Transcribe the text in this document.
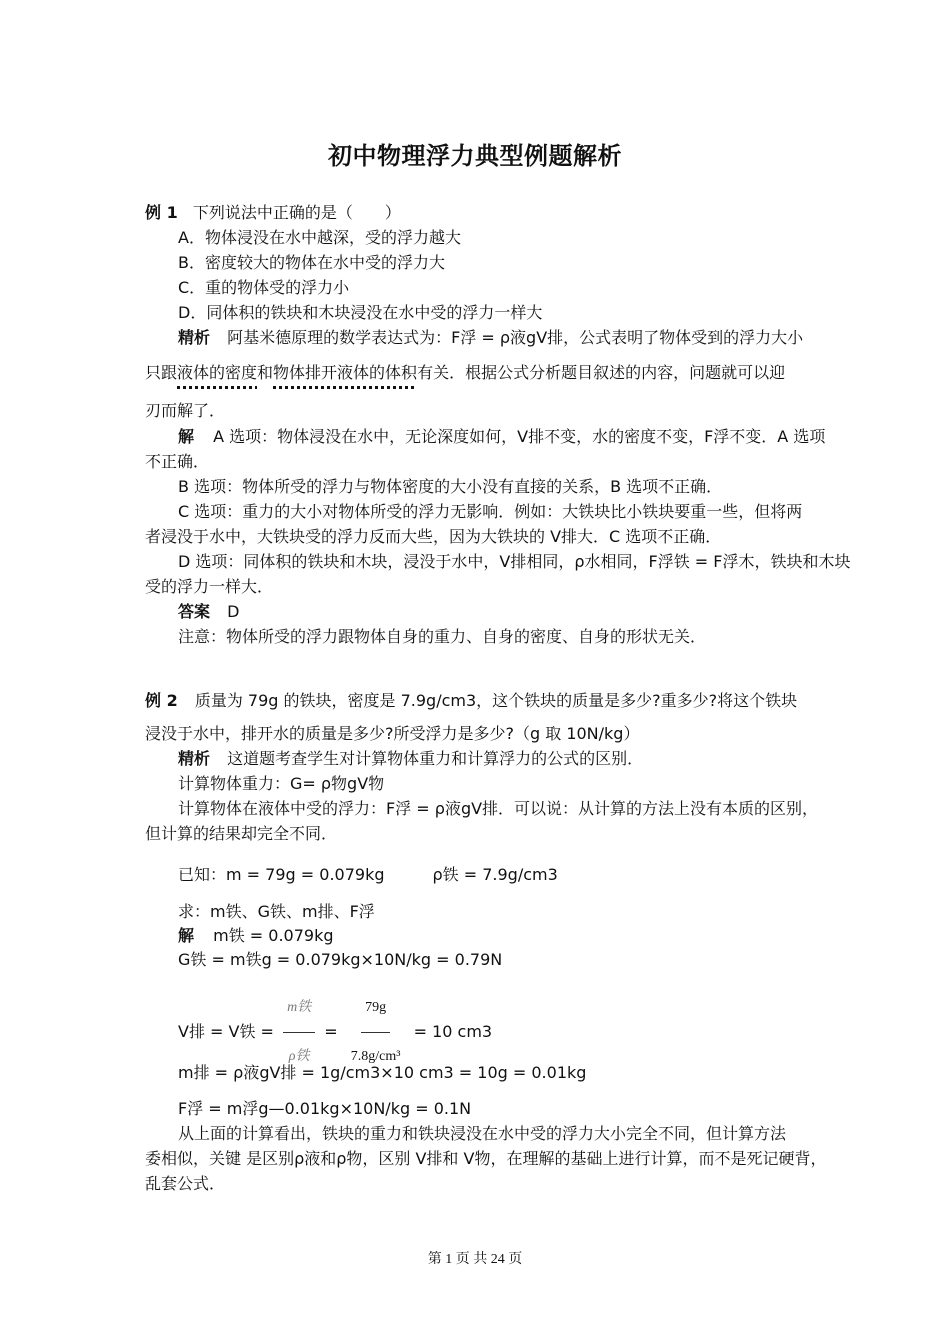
初中物理浮力典型例题解析
例 1 下列说法中正确的是（　　）
A．物体浸没在水中越深，受的浮力越大
B．密度较大的物体在水中受的浮力大
C．重的物体受的浮力小
D．同体积的铁块和木块浸没在水中受的浮力一样大
精析 阿基米德原理的数学表达式为：F浮 = ρ液gV排，公式表明了物体受到的浮力大小
只跟液体的密度和物体排开液体的体积有关．根据公式分析题目叙述的内容，问题就可以迎
刃而解了．
解 A 选项：物体浸没在水中，无论深度如何，V排不变，水的密度不变，F浮不变．A 选项
不正确．
B 选项：物体所受的浮力与物体密度的大小没有直接的关系，B 选项不正确．
C 选项：重力的大小对物体所受的浮力无影响．例如：大铁块比小铁块要重一些，但将两
者浸没于水中，大铁块受的浮力反而大些，因为大铁块的 V排大．C 选项不正确．
D 选项：同体积的铁块和木块，浸没于水中，V排相同，ρ水相同，F浮铁 = F浮木，铁块和木块
受的浮力一样大．
答案 D
注意：物体所受的浮力跟物体自身的重力、自身的密度、自身的形状无关．
例 2 质量为 79g 的铁块，密度是 7.9g/cm3，这个铁块的质量是多少?重多少?将这个铁块
浸没于水中，排开水的质量是多少?所受浮力是多少?（g 取 10N/kg）
精析 这道题考查学生对计算物体重力和计算浮力的公式的区别．
计算物体重力：G= ρ物gV物
计算物体在液体中受的浮力：F浮 = ρ液gV排．可以说：从计算的方法上没有本质的区别，
但计算的结果却完全不同．
已知：m = 79g = 0.079kg　　　ρ铁 = 7.9g/cm3
求：m铁、G铁、m排、F浮
解 m铁 = 0.079kg
G铁 = m铁g = 0.079kg×10N/kg = 0.79N
V排 = V铁 = $\frac{\text{m铁}}{\text{ρ铁}} = \frac{79g}{\text{7.8g/cm³}} = 10$ cm3
m排 = ρ液gV排 = 1g/cm3×10 cm3 = 10g = 0.01kg
F浮 = m浮g—0.01kg×10N/kg = 0.1N
从上面的计算看出，铁块的重力和铁块浸没在水中受的浮力大小完全不同，但计算方法
委相似，关键 是区别ρ液和ρ物，区别 V排和 V物，在理解的基础上进行计算，而不是死记硬背，
乱套公式．
第 1 页 共 24 页
